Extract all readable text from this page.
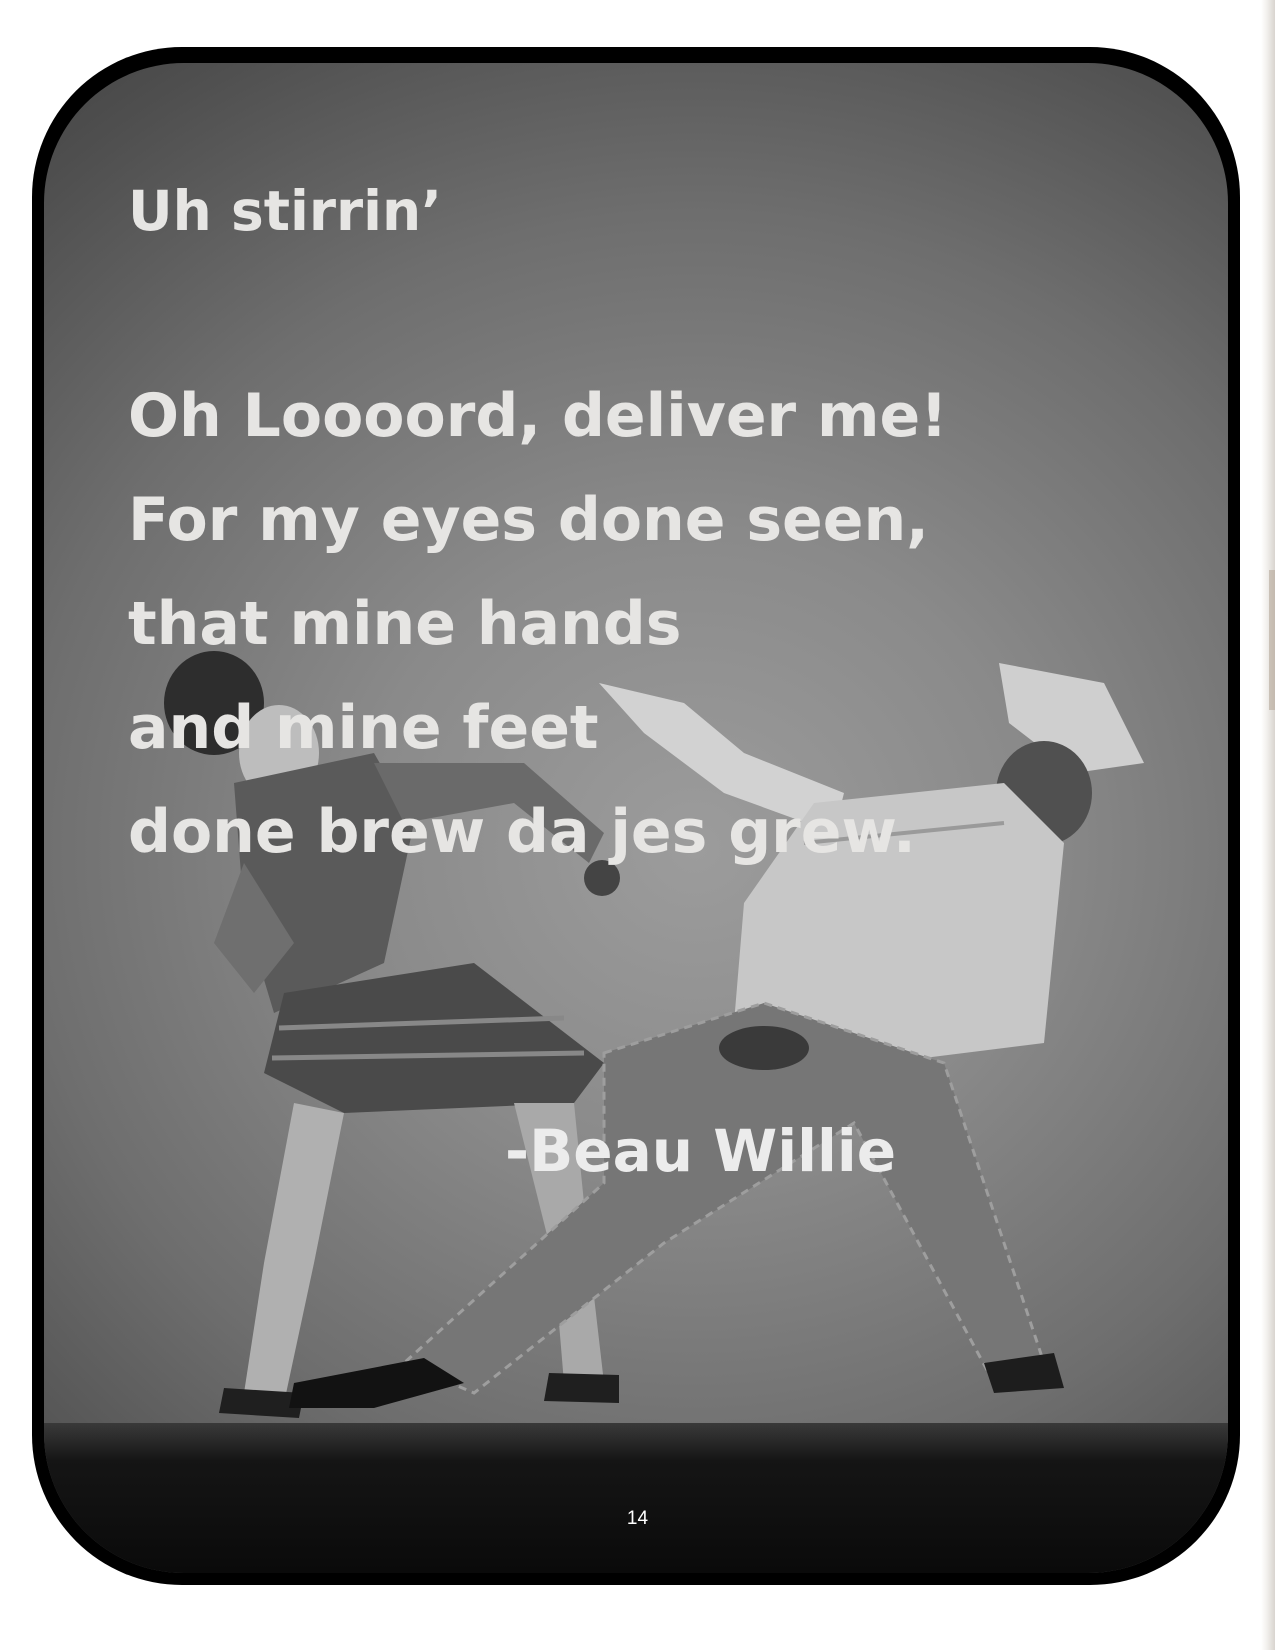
Uh stirrin’
Oh Loooord, deliver me!
For my eyes done seen,
that mine hands
and mine feet
done brew da jes grew.
-Beau Willie
14
